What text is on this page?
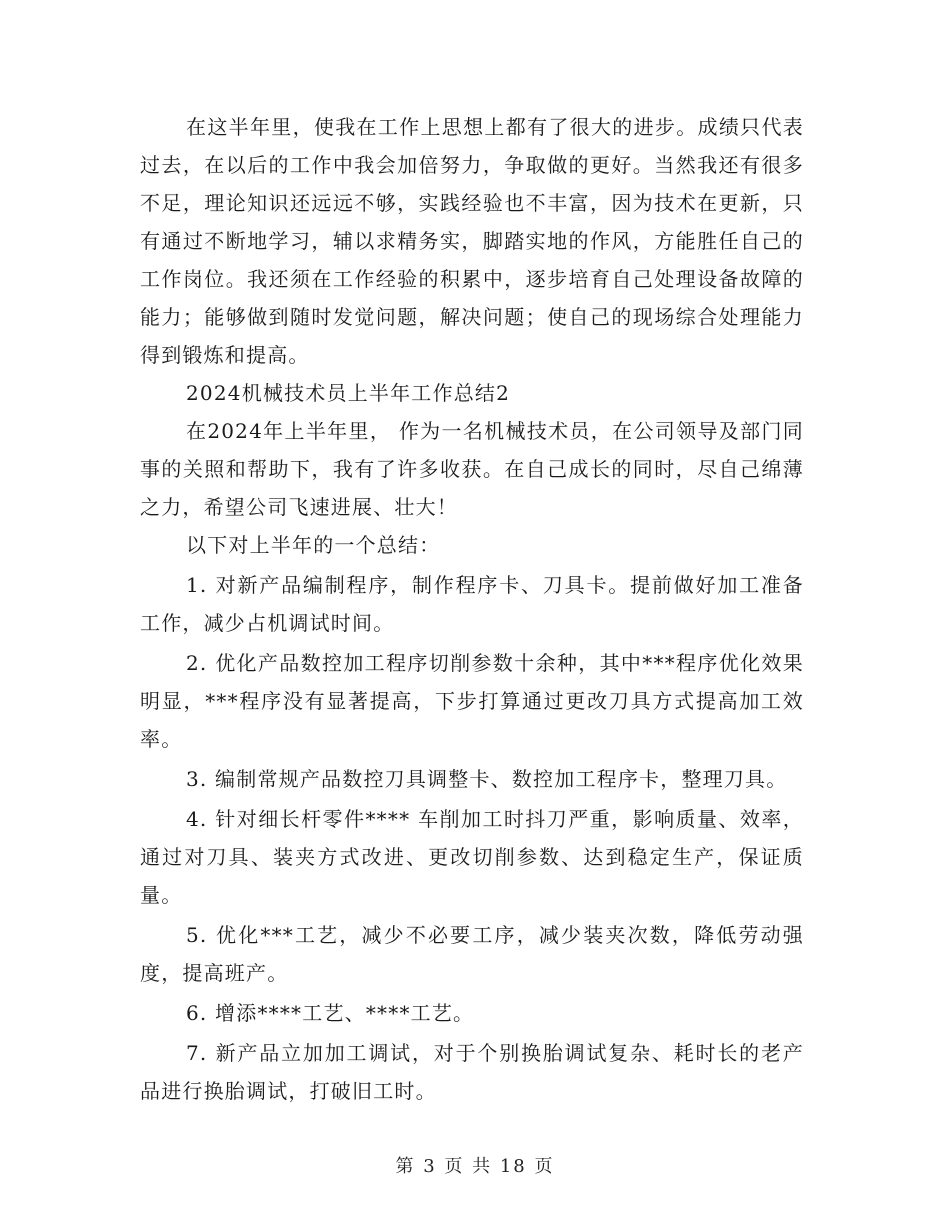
在这半年里，使我在工作上思想上都有了很大的进步。成绩只代表过去，在以后的工作中我会加倍努力，争取做的更好。当然我还有很多不足，理论知识还远远不够，实践经验也不丰富，因为技术在更新，只有通过不断地学习，辅以求精务实，脚踏实地的作风，方能胜任自己的工作岗位。我还须在工作经验的积累中，逐步培育自己处理设备故障的能力；能够做到随时发觉问题，解决问题；使自己的现场综合处理能力得到锻炼和提高。

2024机械技术员上半年工作总结2

在2024年上半年里， 作为一名机械技术员，在公司领导及部门同事的关照和帮助下，我有了许多收获。在自己成长的同时，尽自己绵薄之力，希望公司飞速进展、壮大！

以下对上半年的一个总结：

1. 对新产品编制程序，制作程序卡、刀具卡。提前做好加工准备工作，减少占机调试时间。

2. 优化产品数控加工程序切削参数十余种，其中***程序优化效果明显，***程序没有显著提高，下步打算通过更改刀具方式提高加工效率。

3. 编制常规产品数控刀具调整卡、数控加工程序卡，整理刀具。

4. 针对细长杆零件**** 车削加工时抖刀严重，影响质量、效率，通过对刀具、装夹方式改进、更改切削参数、达到稳定生产，保证质量。

5. 优化***工艺，减少不必要工序，减少装夹次数，降低劳动强度，提高班产。

6. 增添****工艺、****工艺。

7. 新产品立加加工调试，对于个别换胎调试复杂、耗时长的老产品进行换胎调试，打破旧工时。

第 3 页 共 18 页
